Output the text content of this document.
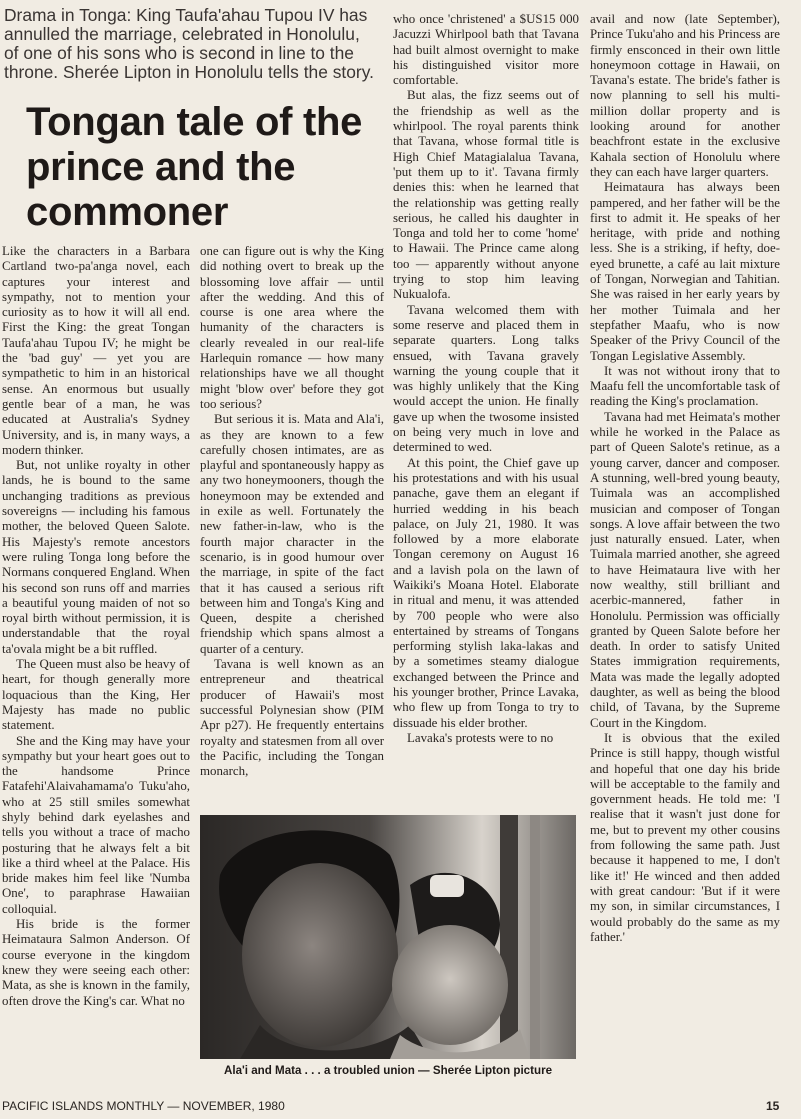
Drama in Tonga: King Taufa'ahau Tupou IV has annulled the marriage, celebrated in Honolulu, of one of his sons who is second in line to the throne. Sherée Lipton in Honolulu tells the story.
Tongan tale of the prince and the commoner

Like the characters in a Barbara Cartland two-pa'anga novel, each captures your interest and sympathy, not to mention your curiosity as to how it will all end. First the King: the great Tongan Taufa'ahau Tupou IV; he might be the 'bad guy' — yet you are sympathetic to him in an historical sense. An enormous but usually gentle bear of a man, he was educated at Australia's Sydney University, and is, in many ways, a modern thinker.

But, not unlike royalty in other lands, he is bound to the same unchanging traditions as previous sovereigns — including his famous mother, the beloved Queen Salote. His Majesty's remote ancestors were ruling Tonga long before the Normans conquered England. When his second son runs off and marries a beautiful young maiden of not so royal birth without permission, it is understandable that the royal ta'ovala might be a bit ruffled.

The Queen must also be heavy of heart, for though generally more loquacious than the King, Her Majesty has made no public statement.

She and the King may have your sympathy but your heart goes out to the handsome Prince Fatafehi'Alaivahamama'o Tuku'aho, who at 25 still smiles somewhat shyly behind dark eyelashes and tells you without a trace of macho posturing that he always felt a bit like a third wheel at the Palace. His bride makes him feel like 'Numba One', to paraphrase Hawaiian colloquial.

His bride is the former Heimataura Salmon Anderson. Of course everyone in the kingdom knew they were seeing each other: Mata, as she is known in the family, often drove the King's car. What no

one can figure out is why the King did nothing overt to break up the blossoming love affair — until after the wedding. And this of course is one area where the humanity of the characters is clearly revealed in our real-life Harlequin romance — how many relationships have we all thought might 'blow over' before they got too serious?

But serious it is. Mata and Ala'i, as they are known to a few carefully chosen intimates, are as playful and spontaneously happy as any two honeymooners, though the honeymoon may be extended and in exile as well. Fortunately the new father-in-law, who is the fourth major character in the scenario, is in good humour over the marriage, in spite of the fact that it has caused a serious rift between him and Tonga's King and Queen, despite a cherished friendship which spans almost a quarter of a century.

Tavana is well known as an entrepreneur and theatrical producer of Hawaii's most successful Polynesian show (PIM Apr p27). He frequently entertains royalty and statesmen from all over the Pacific, including the Tongan monarch,

who once 'christened' a $US15 000 Jacuzzi Whirlpool bath that Tavana had built almost overnight to make his distinguished visitor more comfortable.

But alas, the fizz seems out of the friendship as well as the whirlpool. The royal parents think that Tavana, whose formal title is High Chief Matagialalua Tavana, 'put them up to it'. Tavana firmly denies this: when he learned that the relationship was getting really serious, he called his daughter in Tonga and told her to come 'home' to Hawaii. The Prince came along too — apparently without anyone trying to stop him leaving Nukualofa.

Tavana welcomed them with some reserve and placed them in separate quarters. Long talks ensued, with Tavana gravely warning the young couple that it was highly unlikely that the King would accept the union. He finally gave up when the twosome insisted on being very much in love and determined to wed.

At this point, the Chief gave up his protestations and with his usual panache, gave them an elegant if hurried wedding in his beach palace, on July 21, 1980. It was followed by a more elaborate Tongan ceremony on August 16 and a lavish pola on the lawn of Waikiki's Moana Hotel. Elaborate in ritual and menu, it was attended by 700 people who were also entertained by streams of Tongans performing stylish laka-lakas and by a sometimes steamy dialogue exchanged between the Prince and his younger brother, Prince Lavaka, who flew up from Tonga to try to dissuade his elder brother.

Lavaka's protests were to no

avail and now (late September), Prince Tuku'aho and his Princess are firmly ensconced in their own little honeymoon cottage in Hawaii, on Tavana's estate. The bride's father is now planning to sell his multi-million dollar property and is looking around for another beachfront estate in the exclusive Kahala section of Honolulu where they can each have larger quarters.

Heimataura has always been pampered, and her father will be the first to admit it. He speaks of her heritage, with pride and nothing less. She is a striking, if hefty, doe-eyed brunette, a café au lait mixture of Tongan, Norwegian and Tahitian. She was raised in her early years by her mother Tuimala and her stepfather Maafu, who is now Speaker of the Privy Council of the Tongan Legislative Assembly.

It was not without irony that to Maafu fell the uncomfortable task of reading the King's proclamation.

Tavana had met Heimata's mother while he worked in the Palace as part of Queen Salote's retinue, as a young carver, dancer and composer. A stunning, well-bred young beauty, Tuimala was an accomplished musician and composer of Tongan songs. A love affair between the two just naturally ensued. Later, when Tuimala married another, she agreed to have Heimataura live with her now wealthy, still brilliant and acerbic-mannered, father in Honolulu. Permission was officially granted by Queen Salote before her death. In order to satisfy United States immigration requirements, Mata was made the legally adopted daughter, as well as being the blood child, of Tavana, by the Supreme Court in the Kingdom.

It is obvious that the exiled Prince is still happy, though wistful and hopeful that one day his bride will be acceptable to the family and government heads. He told me: 'I realise that it wasn't just done for me, but to prevent my other cousins from following the same path. Just because it happened to me, I don't like it!' He winced and then added with great candour: 'But if it were my son, in similar circumstances, I would probably do the same as my father.'

Ala'i and Mata . . . a troubled union — Sherée Lipton picture
PACIFIC ISLANDS MONTHLY — NOVEMBER, 1980	15
